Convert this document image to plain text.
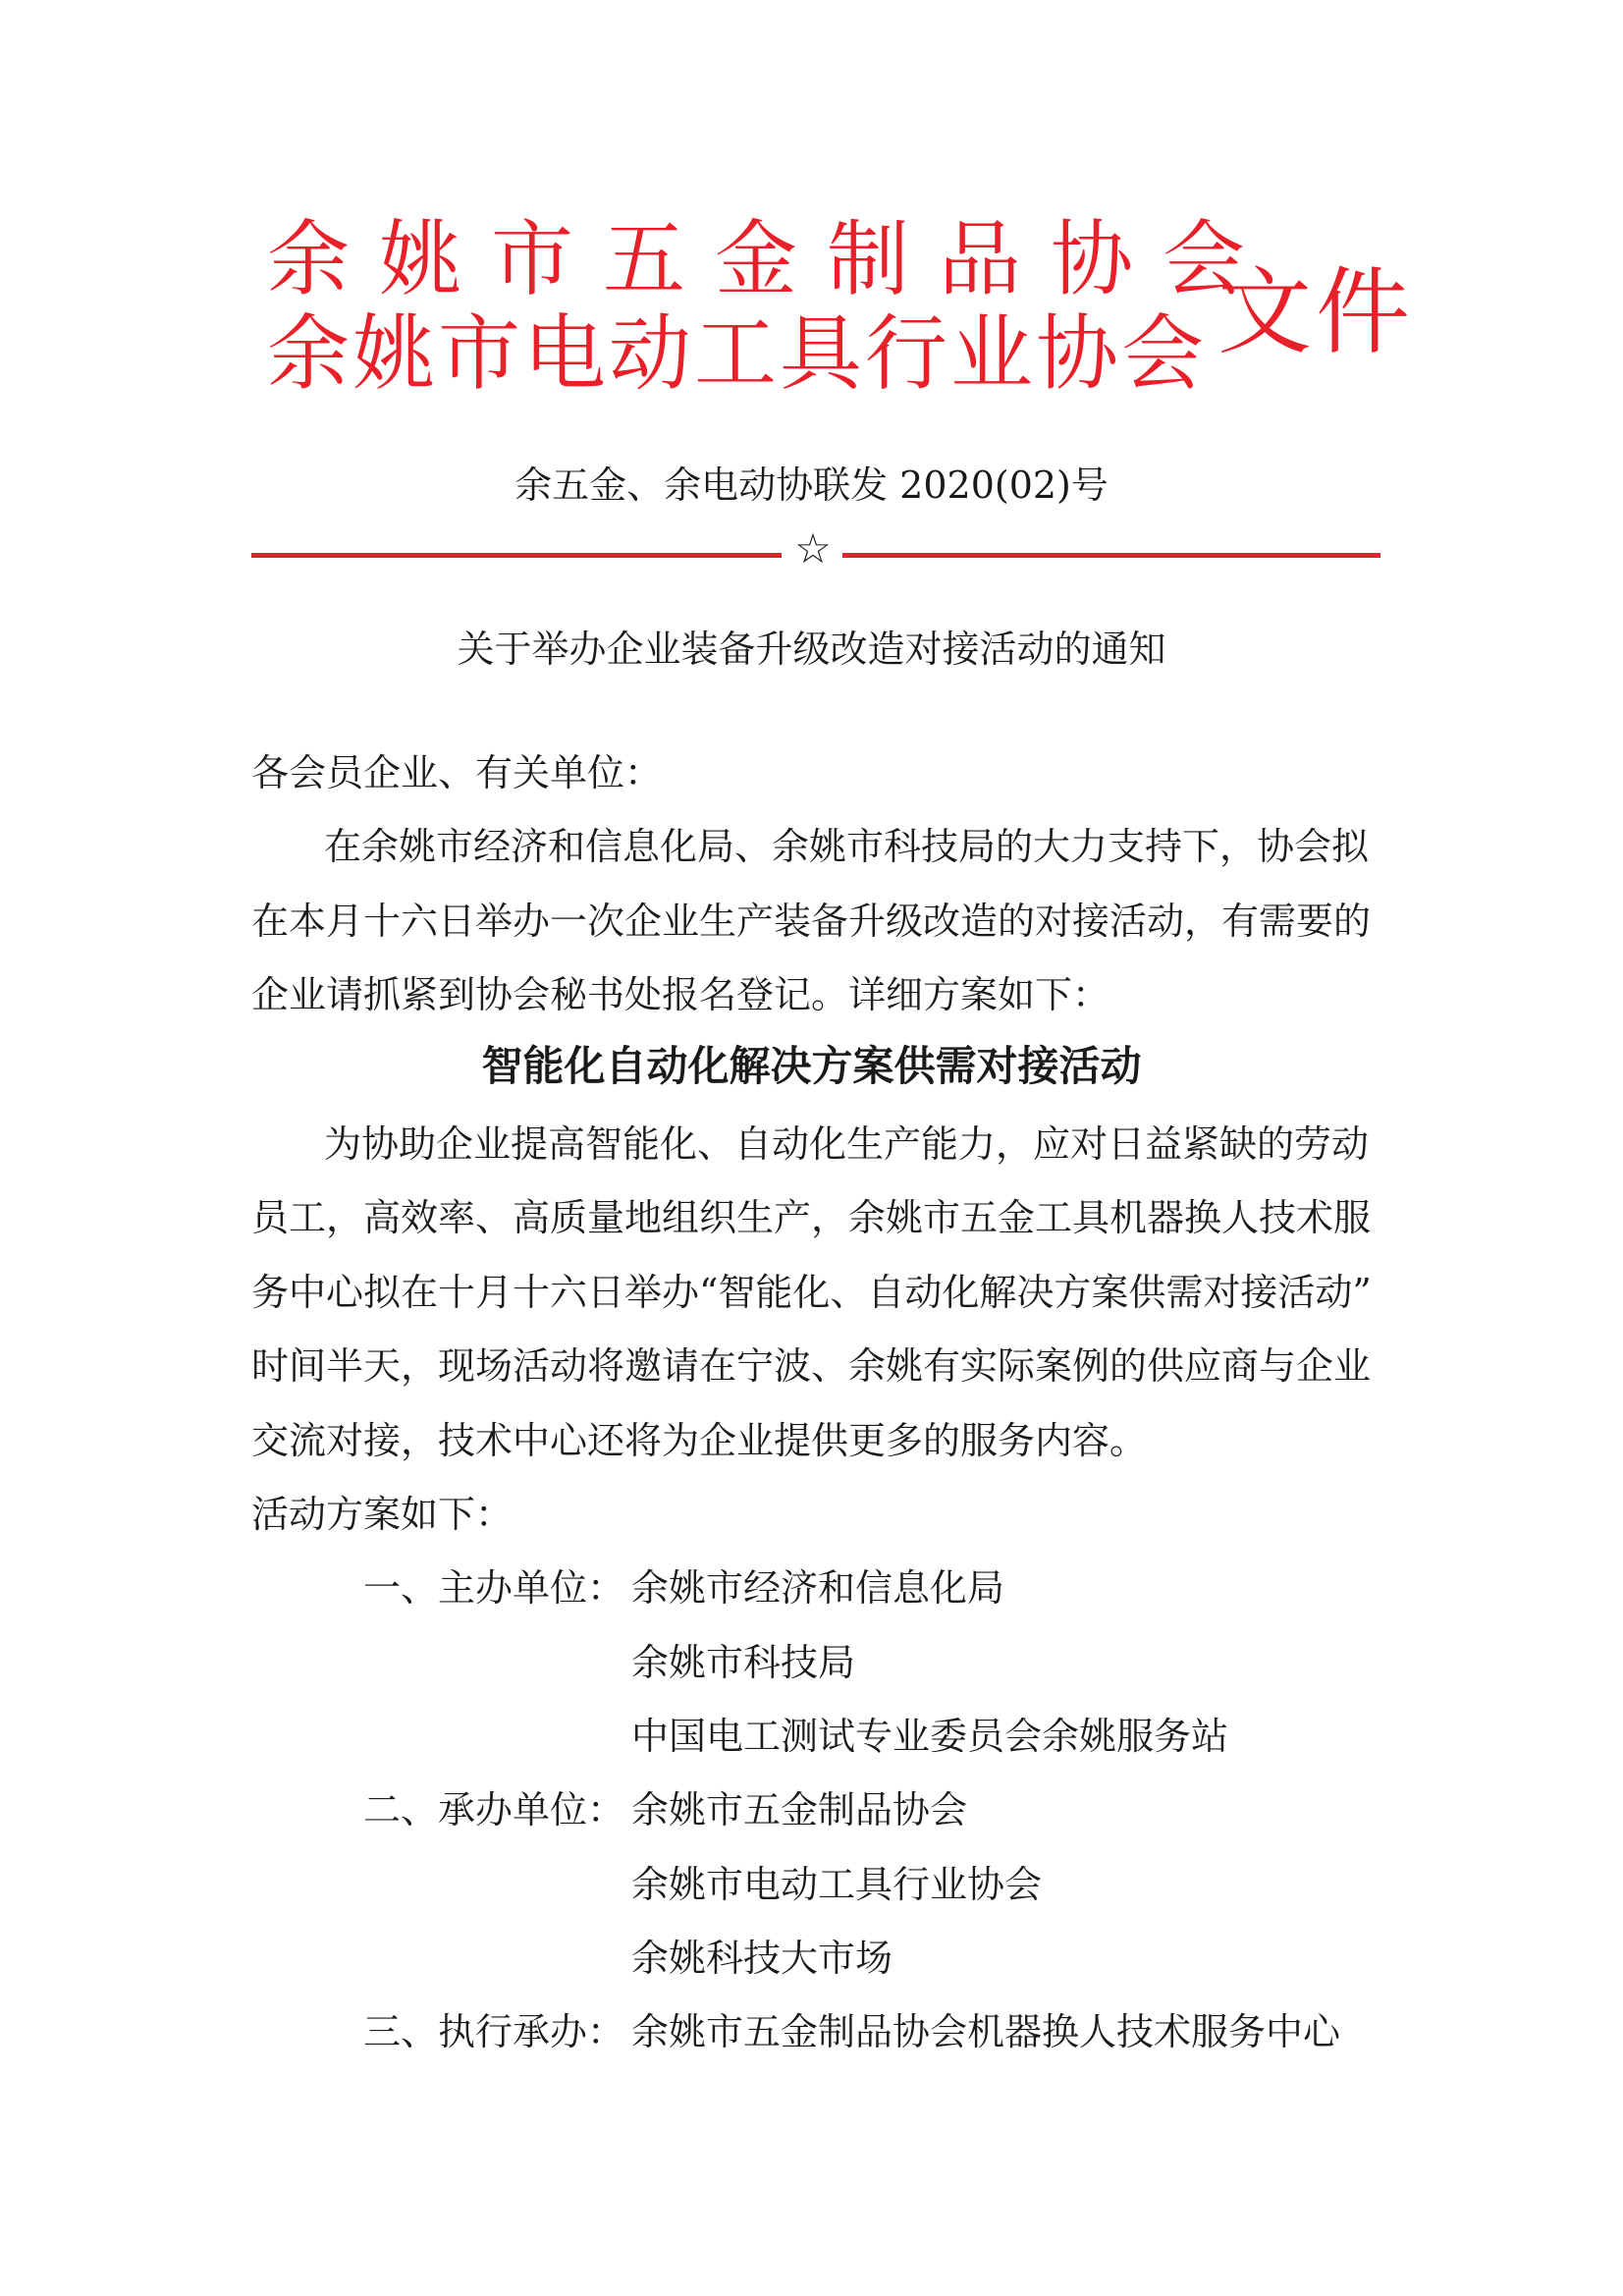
余姚市五金制品协会
余姚市电动工具行业协会 文件
余五金、余电动协联发 2020(02)号
☆
关于举办企业装备升级改造对接活动的通知
各会员企业、有关单位：
在余姚市经济和信息化局、余姚市科技局的大力支持下，协会拟
在本月十六日举办一次企业生产装备升级改造的对接活动，有需要的
企业请抓紧到协会秘书处报名登记。详细方案如下：
智能化自动化解决方案供需对接活动
为协助企业提高智能化、自动化生产能力，应对日益紧缺的劳动
员工，高效率、高质量地组织生产，余姚市五金工具机器换人技术服
务中心拟在十月十六日举办“智能化、自动化解决方案供需对接活动”
时间半天，现场活动将邀请在宁波、余姚有实际案例的供应商与企业
交流对接，技术中心还将为企业提供更多的服务内容。
活动方案如下：
一、主办单位： 余姚市经济和信息化局
余姚市科技局
中国电工测试专业委员会余姚服务站
二、承办单位： 余姚市五金制品协会
余姚市电动工具行业协会
余姚科技大市场
三、执行承办： 余姚市五金制品协会机器换人技术服务中心
